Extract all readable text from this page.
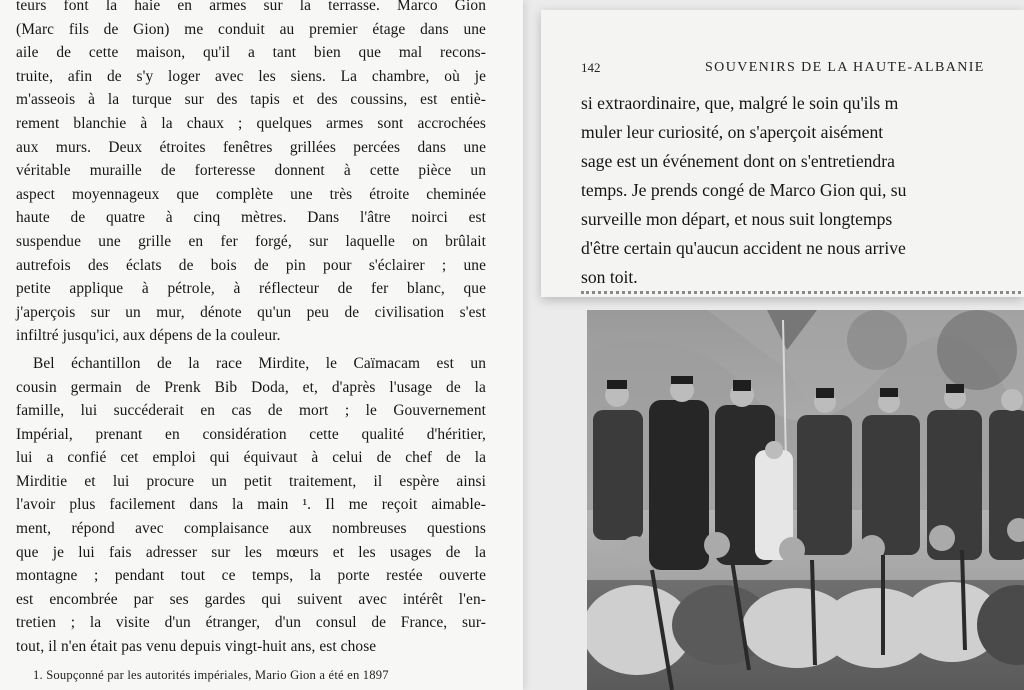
teurs font la haie en armes sur la terrasse. Marco Gion
(Marc fils de Gion) me conduit au premier étage dans une
aile de cette maison, qu'il a tant bien que mal recons-
truite, afin de s'y loger avec les siens. La chambre, où je
m'asseois à la turque sur des tapis et des coussins, est entiè-
rement blanchie à la chaux ; quelques armes sont accrochées
aux murs. Deux étroites fenêtres grillées percées dans une
véritable muraille de forteresse donnent à cette pièce un
aspect moyennageux que complète une très étroite cheminée
haute de quatre à cinq mètres. Dans l'âtre noirci est
suspendue une grille en fer forgé, sur laquelle on brûlait
autrefois des éclats de bois de pin pour s'éclairer ; une
petite applique à pétrole, à réflecteur de fer blanc, que
j'aperçois sur un mur, dénote qu'un peu de civilisation s'est
infiltré jusqu'ici, aux dépens de la couleur.
Bel échantillon de la race Mirdite, le Caïmacam est un
cousin germain de Prenk Bib Doda, et, d'après l'usage de la
famille, lui succéderait en cas de mort ; le Gouvernement
Impérial, prenant en considération cette qualité d'héritier,
lui a confié cet emploi qui équivaut à celui de chef de la
Mirditie et lui procure un petit traitement, il espère ainsi
l'avoir plus facilement dans la main ¹. Il me reçoit aimable-
ment, répond avec complaisance aux nombreuses questions
que je lui fais adresser sur les mœurs et les usages de la
montagne ; pendant tout ce temps, la porte restée ouverte
est encombrée par ses gardes qui suivent avec intérêt l'en-
tretien ; la visite d'un étranger, d'un consul de France, sur-
tout, il n'en était pas venu depuis vingt-huit ans, est chose
1. Soupçonné par les autorités impériales, Mario Gion a été en 1897
142	SOUVENIRS DE LA HAUTE-ALBANIE
si extraordinaire, que, malgré le soin qu'ils m
muler leur curiosité, on s'aperçoit aisément
sage est un événement dont on s'entretiendra
temps. Je prends congé de Marco Gion qui, su
surveille mon départ, et nous suit longtemps
d'être certain qu'aucun accident ne nous arrive
son toit.
